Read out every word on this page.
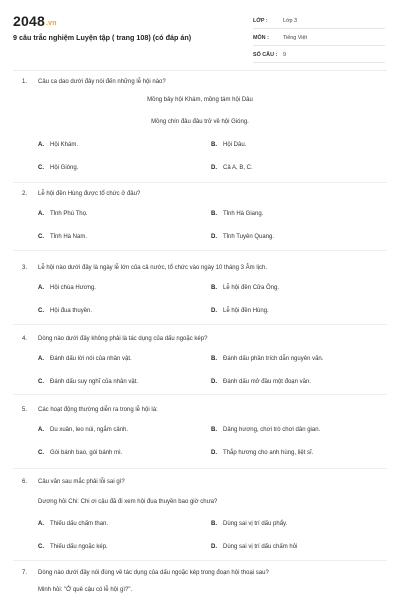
2048.vn
9 câu trắc nghiệm Luyện tập ( trang 108) (có đáp án)
LỚP :	Lớp 3
MÔN :	Tiếng Việt
SỐ CÂU : 9
1. Câu ca dao dưới đây nói đến những lễ hội nào?
Mồng bảy hội Khám, mồng tám hội Dâu
Mồng chín đâu đâu trở về hội Gióng.
A. Hội Khám.	B. Hội Dâu.
C. Hội Gióng.	D. Cả A, B, C.
2. Lễ hội đền Hùng được tổ chức ở đâu?
A. Tỉnh Phú Thọ.	B. Tỉnh Hà Giang.
C. Tỉnh Hà Nam.	D. Tỉnh Tuyên Quang.
3. Lễ hội nào dưới đây là ngày lễ lớn của cả nước, tổ chức vào ngày 10 tháng 3 Âm lịch.
A. Hội chùa Hương.	B. Lễ hội đền Cửa Ông.
C. Hội đua thuyền.	D. Lễ hội đền Hùng.
4. Dòng nào dưới đây không phải là tác dụng của dấu ngoặc kép?
A. Đánh dấu lời nói của nhân vật.	B. Đánh dấu phần trích dẫn nguyên văn.
C. Đánh dấu suy nghĩ của nhân vật.	D. Đánh dấu mở đầu một đoạn văn.
5. Các hoạt động thường diễn ra trong lễ hội là:
A. Du xuân, leo núi, ngắm cảnh.	B. Dâng hương, chơi trò chơi dân gian.
C. Gói bánh bao, gói bánh mì.	D. Thắp hương cho anh hùng, liệt sĩ.
6. Câu văn sau mắc phải lỗi sai gì?
Dương hỏi Chi: Chi ơi cậu đã đi xem hội đua thuyền bao giờ chưa?
A. Thiếu dấu chấm than.	B. Dùng sai vị trí dấu phẩy.
C. Thiếu dấu ngoặc kép.	D. Dùng sai vị trí dấu chấm hỏi
7. Dòng nào dưới đây nói đúng về tác dụng của dấu ngoặc kép trong đoạn hội thoại sau?
Minh hỏi: "Ở quê cậu có lễ hội gì?".
